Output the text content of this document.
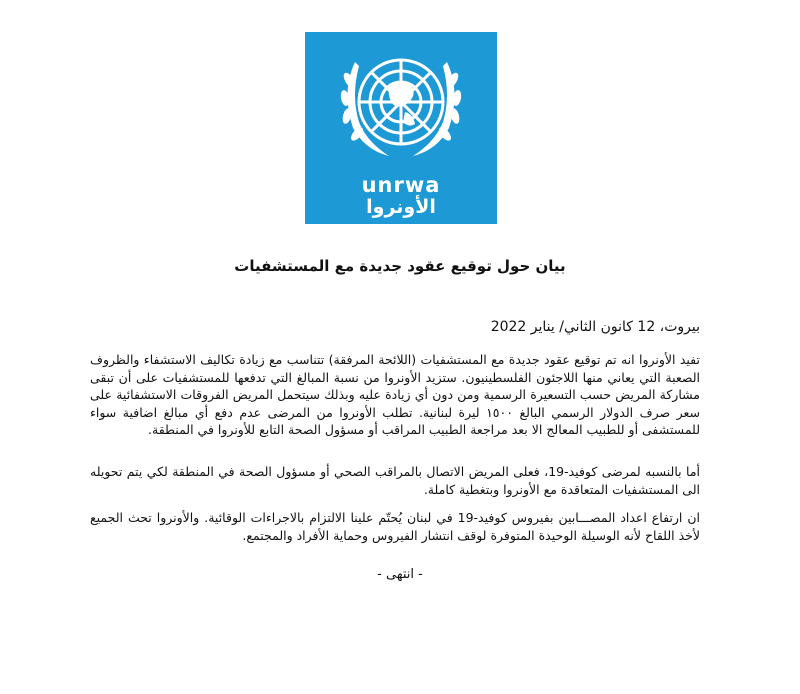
unrwa
الأونروا
بيان حول توقيع عقود جديدة مع المستشفيات
بيروت، 12 كانون الثاني/ يناير 2022
تفيد الأونروا انه تم توقيع عقود جديدة مع المستشفيات (اللائحة المرفقة) تتناسب مع زيادة تكاليف الاستشفاء والظروف الصعبة التي يعاني منها اللاجئون الفلسطينيون. ستزيد الأونروا من نسبة المبالغ التي تدفعها للمستشفيات على أن تبقى مشاركة المريض حسب التسعيرة الرسمية ومن دون أي زيادة عليه وبذلك سيتحمل المريض الفروقات الاستشفائية على سعر صرف الدولار الرسمي البالغ ١٥٠٠ ليرة لبنانية. تطلب الأونروا من المرضى عدم دفع أي مبالغ اضافية سواء للمستشفى أو للطبيب المعالج الا بعد مراجعة الطبيب المراقب أو مسؤول الصحة التابع للأونروا في المنطقة.
أما بالنسبه لمرضى كوفيد-19، فعلى المريض الاتصال بالمراقب الصحي أو مسؤول الصحة في المنطقة لكي يتم تحويله الى المستشفيات المتعاقدة مع الأونروا وبتغطية كاملة.
ان ارتفاع اعداد المصـــابين بفيروس كوفيد-19 في لبنان يُحتّم علينا الالتزام بالاجراءات الوقائية. والأونروا تحث الجميع لأخذ اللقاح لأنه الوسيلة الوحيدة المتوفرة لوقف انتشار الفيروس وحماية الأفراد والمجتمع.
- انتهى -
